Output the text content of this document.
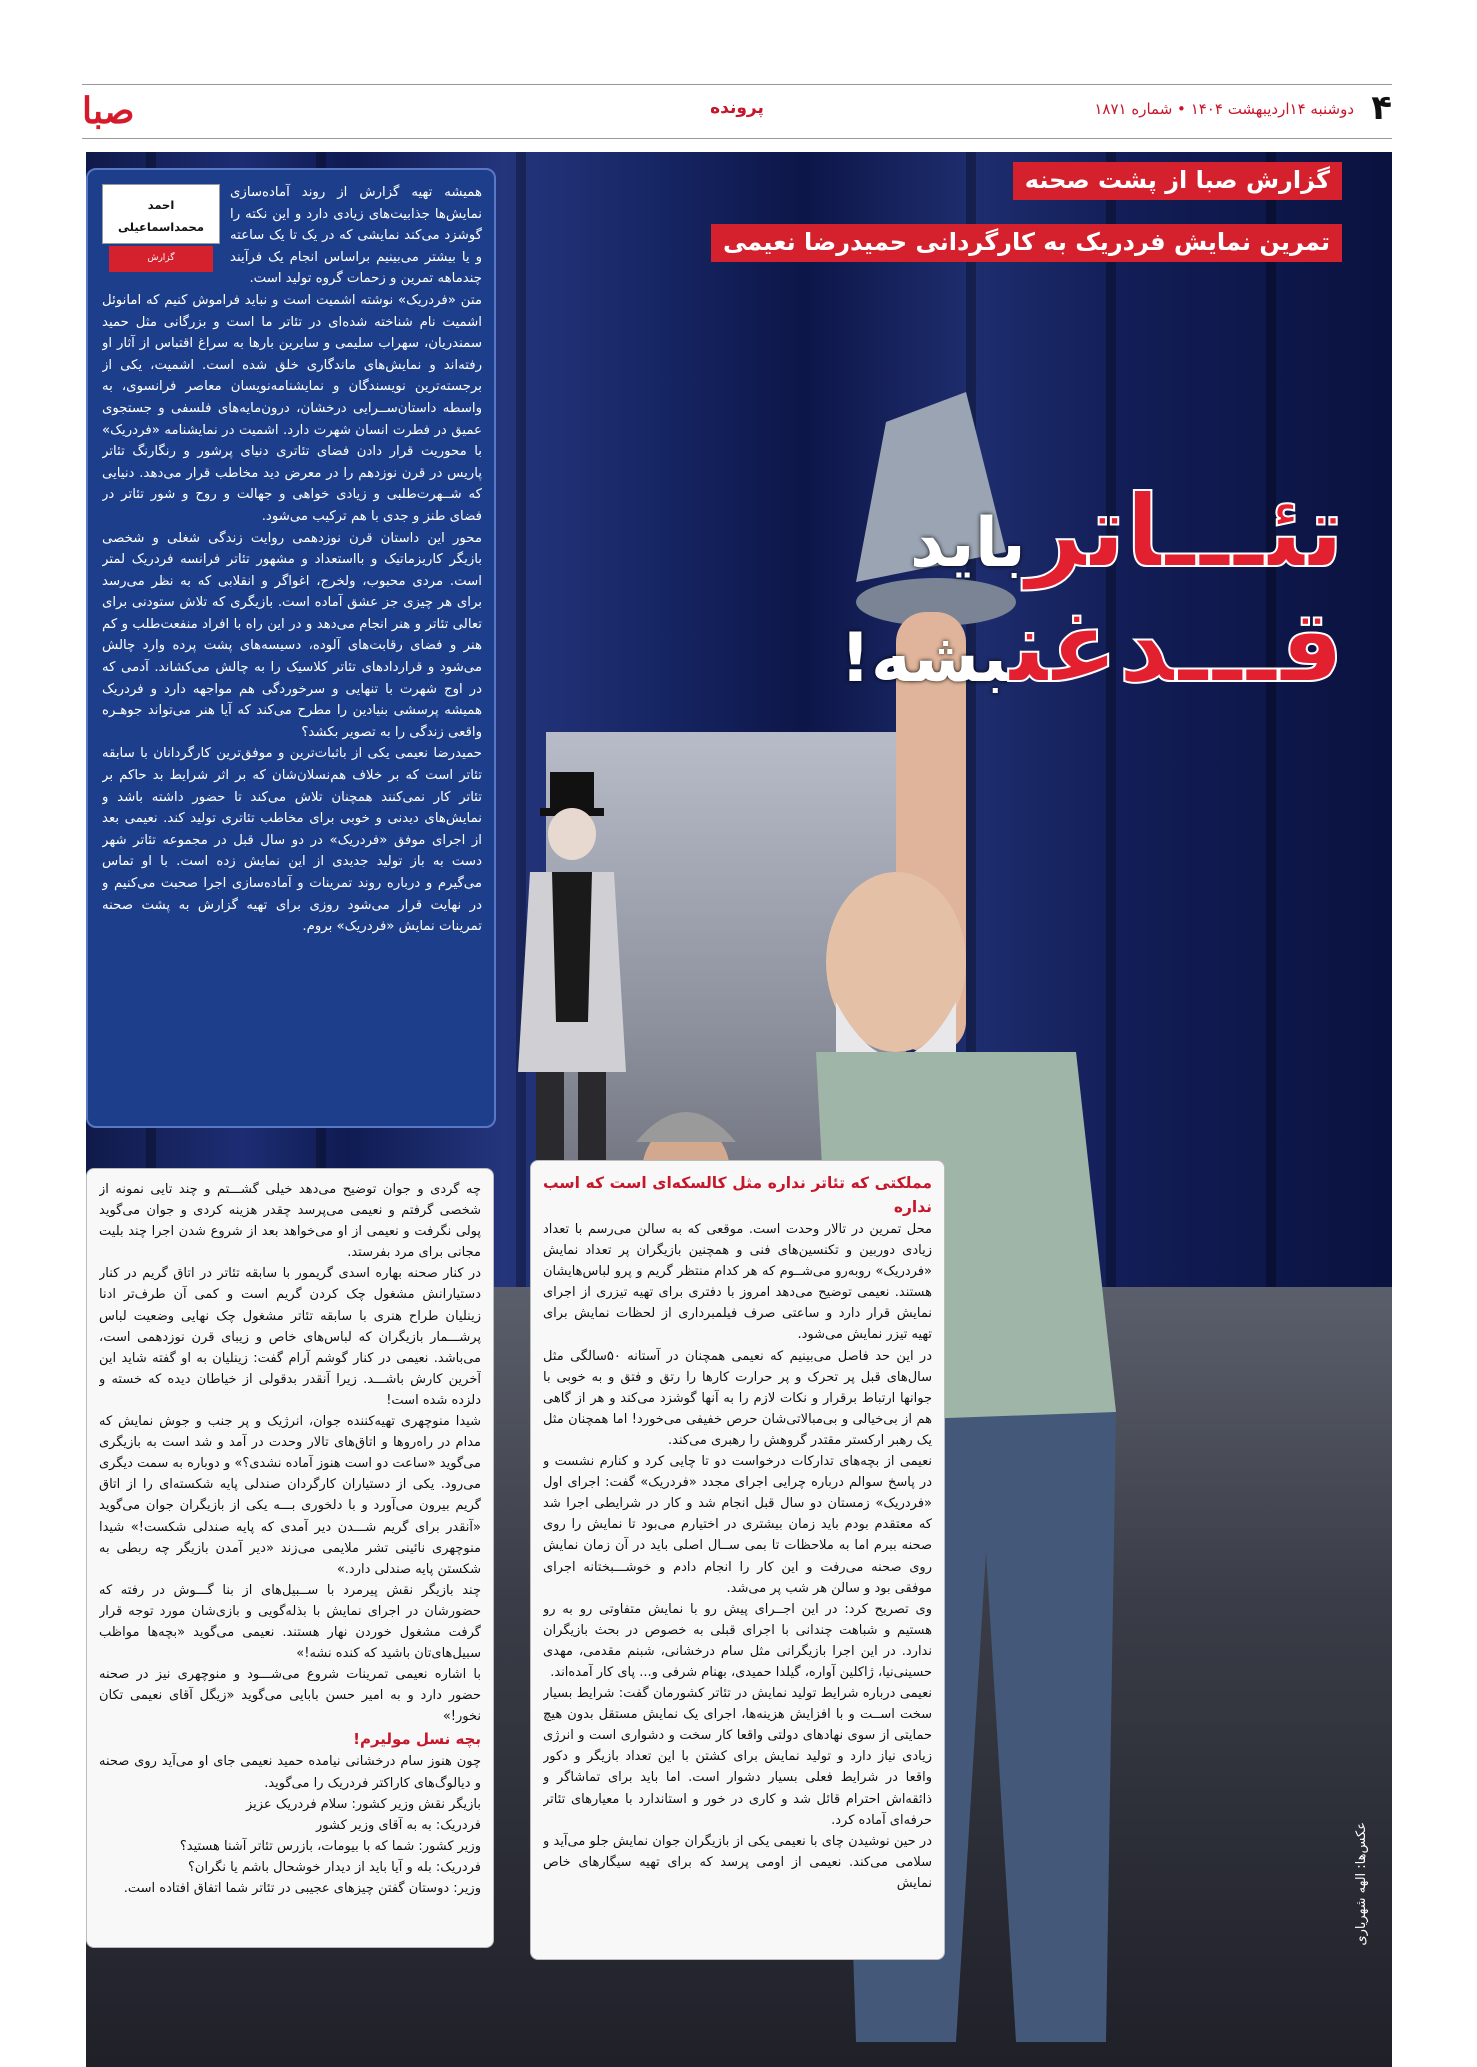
۴
دوشنبه ۱۴اردیبهشت ۱۴۰۴ • شماره ۱۸۷۱
پرونده
صبا
گزارش صبا از پشت صحنه
تمرین نمایش فردریک به کارگردانی حمیدرضا نعیمی
تئـــاترباید
قـــدغنبشه!
عکس‌ها: الهه شهریاری
احمد محمداسماعیلی
گزارش

همیشه تهیه گزارش از روند آماده‌سازی نمایش‌ها جذابیت‌های زیادی دارد و این نکته را گوشزد می‌کند نمایشی که در یک تا یک ساعته و یا بیشتر می‌بینیم براساس انجام یک فرآیند چندماهه تمرین و زحمات گروه تولید است.

متن «فردریک» نوشته اشمیت است و نباید فراموش کنیم که امانوئل اشمیت نام شناخته شده‌ای در تئاتر ما است و بزرگانی مثل حمید سمندریان، سهراب سلیمی و سایرین بارها به سراغ اقتباس از آثار او رفته‌اند و نمایش‌های ماندگاری خلق شده است. اشمیت، یکی از برجسته‌ترین نویسندگان و نمایشنامه‌نویسان معاصر فرانسوی، به واسطه داستان‌ســرایی درخشان، درون‌مایه‌های فلسفی و جستجوی عمیق در فطرت انسان شهرت دارد. اشمیت در نمایشنامه «فردریک» با محوریت قرار دادن فضای تئاتری دنیای پرشور و رنگارنگ تئاتر پاریس در قرن نوزدهم را در معرض دید مخاطب قرار می‌دهد. دنیایی که شــهرت‌طلبی و زیادی خواهی و جهالت و روح و شور تئاتر در فضای طنز و جدی با هم ترکیب می‌شود.

محور این داستان قرن نوزدهمی روایت زندگی شغلی و شخصی بازیگر کاریزماتیک و بااستعداد و مشهور تئاتر فرانسه فردریک لمتر است. مردی محبوب، ولخرج، اغواگر و انقلابی که به نظر می‌رسد برای هر چیزی جز عشق آماده است. بازیگری که تلاش ستودنی برای تعالی تئاتر و هنر انجام می‌دهد و در این راه با افراد منفعت‌طلب و کم هنر و فضای رقابت‌های آلوده، دسیسه‌های پشت پرده وارد چالش می‌شود و قراردادهای تئاتر کلاسیک را به چالش می‌کشاند. آدمی که در اوج شهرت با تنهایی و سرخوردگی هم مواجهه دارد و فردریک همیشه پرسشی بنیادین را مطرح می‌کند که آیا هنر می‌تواند جوهـره واقعی زندگی را به تصویر بکشد؟

حمیدرضا نعیمی یکی از باثبات‌ترین و موفق‌ترین کارگردانان با سابقه تئاتر است که بر خلاف هم‌نسلان‌شان که بر اثر شرایط بد حاکم بر تئاتر کار نمی‌کنند همچنان تلاش می‌کند تا حضور داشته باشد و نمایش‌های دیدنی و خوبی برای مخاطب تئاتری تولید کند. نعیمی بعد از اجرای موفق «فردریک» در دو سال قبل در مجموعه تئاتر شهر دست به باز تولید جدیدی از این نمایش زده است. با او تماس می‌گیرم و درباره روند تمرینات و آماده‌سازی اجرا صحبت می‌کنیم و در نهایت قرار می‌شود روزی برای تهیه گزارش به پشت صحنه تمرینات نمایش «فردریک» بروم.

چه گردی و جوان توضیح می‌دهد خیلی گشـــتم و چند تایی نمونه از شخصی گرفتم و نعیمی می‌پرسد چقدر هزینه کردی و جوان می‌گوید پولی نگرفت و نعیمی از او می‌خواهد بعد از شروع شدن اجرا چند بلیت مجانی برای مرد بفرستد.

در کنار صحنه بهاره اسدی گریمور با سابقه تئاتر در اتاق گریم در کنار دستیارانش مشغول چک کردن گریم است و کمی آن طرف‌تر ادنا زینلیان طراح هنری با سابقه تئاتر مشغول چک نهایی وضعیت لباس پرشـــمار بازیگران که لباس‌های خاص و زیبای قرن نوزدهمی است، می‌باشد. نعیمی در کنار گوشم آرام گفت: زینلیان به او گفته شاید این آخرین کارش باشـــد. زیرا آنقدر بدقولی از خیاطان دیده که خسته و دلزده شده است!

شیدا منوچهری تهیه‌کننده جوان، انرژیک و پر جنب و جوش نمایش که مدام در راه‌روها و اتاق‌های تالار وحدت در آمد و شد است به بازیگری می‌گوید «ساعت دو است هنوز آماده نشدی؟» و دوباره به سمت دیگری می‌رود. یکی از دستیاران کارگردان صندلی پایه شکسته‌ای را از اتاق گریم بیرون می‌آورد و با دلخوری بـــه یکی از بازیگران جوان می‌گوید «آنقدر برای گریم شـــدن دیر آمدی که پایه صندلی شکست!» شیدا منوچهری نائینی تشر ملایمی می‌زند «دیر آمدن بازیگر چه ربطی به شکستن پایه صندلی دارد.»

چند بازیگر نقش پیرمرد با ســبیل‌های از بنا گـــوش در رفته که حضورشان در اجرای نمایش با بذله‌گویی و بازی‌شان مورد توجه قرار گرفت مشغول خوردن نهار هستند. نعیمی می‌گوید «بچه‌ها مواظب سبیل‌های‌تان باشید که کنده نشه!»

با اشاره نعیمی تمرینات شروع می‌شـــود و منوچهری نیز در صحنه حضور دارد و به امیر حسن بابایی می‌گوید «زیگل آقای نعیمی تکان نخور!»

بچه نسل مولیرم!

چون هنوز سام درخشانی نیامده حمید نعیمی جای او می‌آید روی صحنه و دیالوگ‌های کاراکتر فردریک را می‌گوید.

بازیگر نقش وزیر کشور: سلام فردریک عزیز

فردریک: به به آقای وزیر کشور

وزیر کشور: شما که با بیومات، بازرس تئاتر آشنا هستید؟

فردریک: بله و آیا باید از دیدار خوشحال باشم یا نگران؟

وزیر: دوستان گفتن چیزهای عجیبی در تئاتر شما اتفاق افتاده است.

مملکتی که تئاتر نداره مثل کالسکه‌ای است که اسب نداره

محل تمرین در تالار وحدت است. موقعی که به سالن می‌رسم با تعداد زیادی دوربین و تکنسین‌های فنی و همچنین بازیگران پر تعداد نمایش «فردریک» روبه‌رو می‌شــوم که هر کدام منتظر گریم و پرو لباس‌هایشان هستند. نعیمی توضیح می‌دهد امروز با دفتری برای تهیه تیزری از اجرای نمایش قرار دارد و ساعتی صرف فیلمبرداری از لحظات نمایش برای تهیه تیزر نمایش می‌شود.

در این حد فاصل می‌بینیم که نعیمی همچنان در آستانه ۵۰سالگی مثل سال‌های قبل پر تحرک و پر حرارت کارها را رتق و فتق و به خوبی با جوانها ارتباط برقرار و نکات لازم را به آنها گوشزد می‌کند و هر از گاهی هم از بی‌خیالی و بی‌مبالاتی‌شان حرص خفیفی می‌خورد! اما همچنان مثل یک رهبر ارکستر مقتدر گروهش را رهبری می‌کند.

نعیمی از بچه‌های تدارکات درخواست دو تا چایی کرد و کنارم نشست و در پاسخ سوالم درباره چرایی اجرای مجدد «فردریک» گفت: اجرای اول «فردریک» زمستان دو سال قبل انجام شد و کار در شرایطی اجرا شد که معتقدم بودم باید زمان بیشتری در اختیارم می‌بود تا نمایش را روی صحنه ببرم اما به ملاحظات تا بمی ســال اصلی باید در آن زمان نمایش روی صحنه می‌رفت و این کار را انجام دادم و خوشـــبختانه اجرای موفقی بود و سالن هر شب پر می‌شد.

وی تصریح کرد: در این اجــرای پیش رو با نمایش متفاوتی رو به رو هستیم و شباهت چندانی با اجرای قبلی به خصوص در بحث بازیگران ندارد. در این اجرا بازیگرانی مثل سام درخشانی، شبنم مقدمی، مهدی حسینی‌نیا، ژاکلین آواره، گیلدا حمیدی، بهنام شرفی و... پای کار آمده‌اند.

نعیمی درباره شرایط تولید نمایش در تئاتر کشورمان گفت: شرایط بسیار سخت اســت و با افزایش هزینه‌ها، اجرای یک نمایش مستقل بدون هیچ حمایتی از سوی نهادهای دولتی واقعا کار سخت و دشواری است و انرژی زیادی نیاز دارد و تولید نمایش برای کشتن با این تعداد بازیگر و دکور واقعا در شرایط فعلی بسیار دشوار است. اما باید برای تماشاگر و ذائقه‌اش احترام قائل شد و کاری در خور و استاندارد با معیارهای تئاتر حرفه‌ای آماده کرد.

در حین نوشیدن چای با نعیمی یکی از بازیگران جوان نمایش جلو می‌آید و سلامی می‌کند. نعیمی از اومی پرسد که برای تهیه سیگارهای خاص نمایش
